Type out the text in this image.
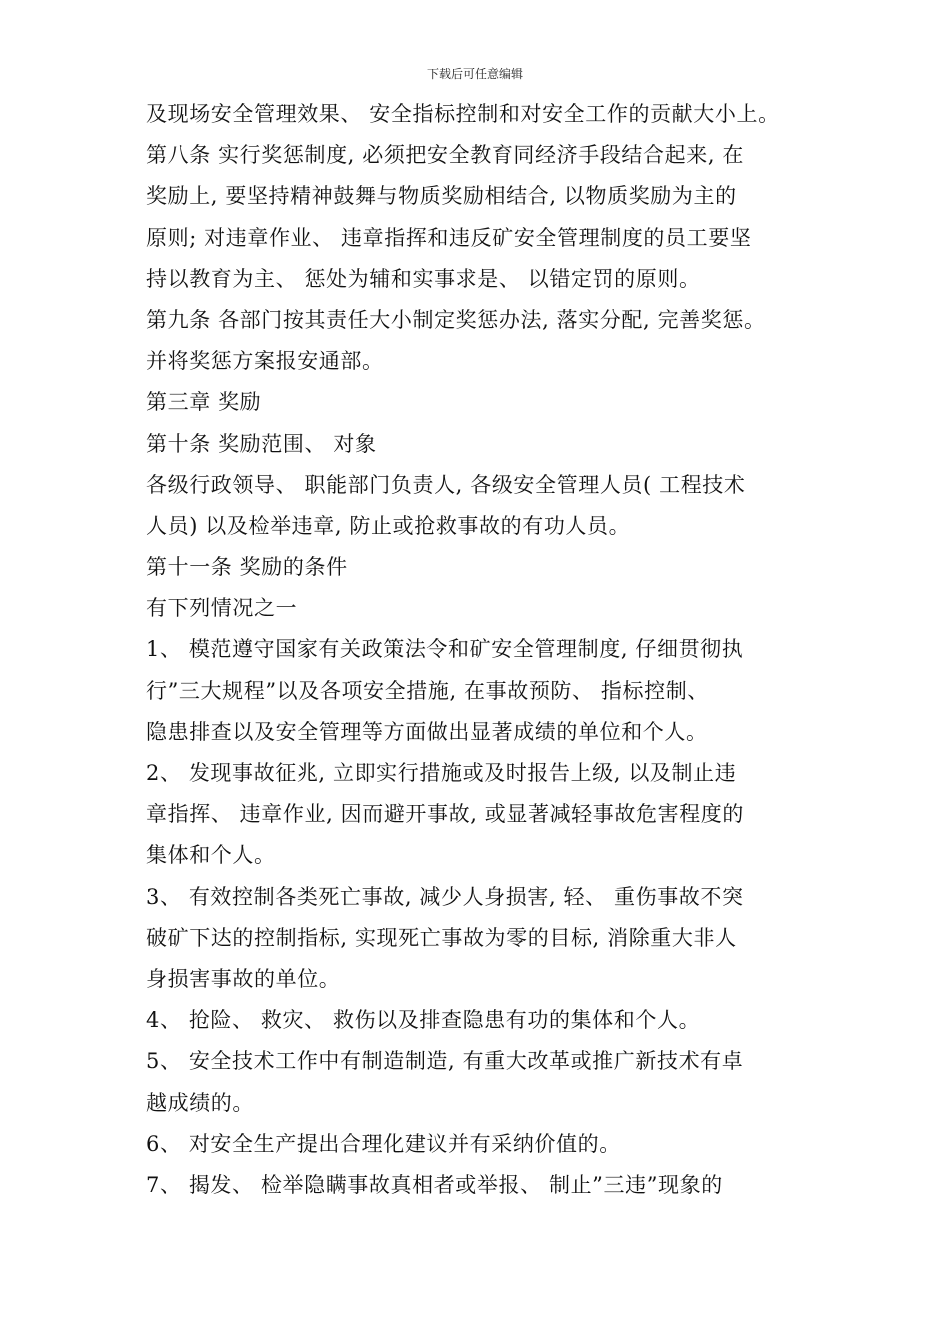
下载后可任意编辑
及现场安全管理效果、 安全指标控制和对安全工作的贡献大小上。
第八条 实行奖惩制度, 必须把安全教育同经济手段结合起来, 在
奖励上, 要坚持精神鼓舞与物质奖励相结合, 以物质奖励为主的
原则; 对违章作业、 违章指挥和违反矿安全管理制度的员工要坚
持以教育为主、 惩处为辅和实事求是、 以错定罚的原则。
第九条 各部门按其责任大小制定奖惩办法, 落实分配, 完善奖惩。
并将奖惩方案报安通部。
第三章 奖励
第十条 奖励范围、 对象
各级行政领导、 职能部门负责人, 各级安全管理人员( 工程技术
人员) 以及检举违章, 防止或抢救事故的有功人员。
第十一条 奖励的条件
有下列情况之一
1、 模范遵守国家有关政策法令和矿安全管理制度, 仔细贯彻执
行”三大规程”以及各项安全措施, 在事故预防、 指标控制、
隐患排查以及安全管理等方面做出显著成绩的单位和个人。
2、 发现事故征兆, 立即实行措施或及时报告上级, 以及制止违
章指挥、 违章作业, 因而避开事故, 或显著减轻事故危害程度的
集体和个人。
3、 有效控制各类死亡事故, 减少人身损害, 轻、 重伤事故不突
破矿下达的控制指标, 实现死亡事故为零的目标, 消除重大非人
身损害事故的单位。
4、 抢险、 救灾、 救伤以及排查隐患有功的集体和个人。
5、 安全技术工作中有制造制造, 有重大改革或推广新技术有卓
越成绩的。
6、 对安全生产提出合理化建议并有采纳价值的。
7、 揭发、 检举隐瞒事故真相者或举报、 制止”三违”现象的
